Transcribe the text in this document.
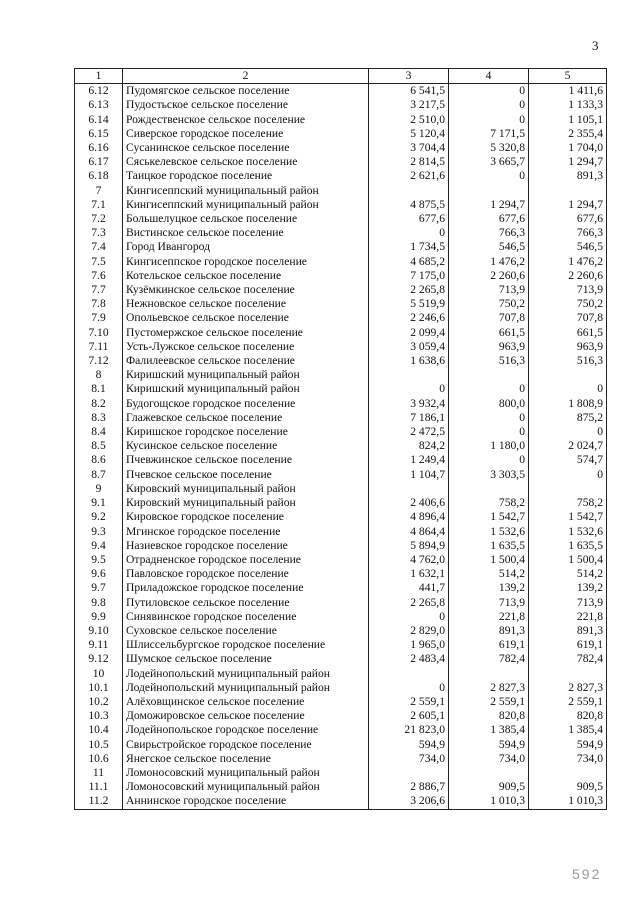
3
1	2	3	4	5
6.12	Пудомягское сельское поселение	6 541,5	0	1 411,6
6.13	Пудостьское сельское поселение	3 217,5	0	1 133,3
6.14	Рождественское сельское поселение	2 510,0	0	1 105,1
6.15	Сиверское городское поселение	5 120,4	7 171,5	2 355,4
6.16	Сусанинское сельское поселение	3 704,4	5 320,8	1 704,0
6.17	Сяськелевское сельское поселение	2 814,5	3 665,7	1 294,7
6.18	Таицкое городское поселение	2 621,6	0	891,3
7	Кингисеппский муниципальный район			
7.1	Кингисеппский муниципальный район	4 875,5	1 294,7	1 294,7
7.2	Большелуцкое сельское поселение	677,6	677,6	677,6
7.3	Вистинское сельское поселение	0	766,3	766,3
7.4	Город Ивангород	1 734,5	546,5	546,5
7.5	Кингисеппское городское поселение	4 685,2	1 476,2	1 476,2
7.6	Котельское сельское поселение	7 175,0	2 260,6	2 260,6
7.7	Кузёмкинское сельское поселение	2 265,8	713,9	713,9
7.8	Нежновское сельское поселение	5 519,9	750,2	750,2
7.9	Опольевское сельское поселение	2 246,6	707,8	707,8
7.10	Пустомержское сельское поселение	2 099,4	661,5	661,5
7.11	Усть-Лужское сельское поселение	3 059,4	963,9	963,9
7.12	Фалилеевское сельское поселение	1 638,6	516,3	516,3
8	Киришский муниципальный район			
8.1	Киришский муниципальный район	0	0	0
8.2	Будогощское городское поселение	3 932,4	800,0	1 808,9
8.3	Глажевское сельское поселение	7 186,1	0	875,2
8.4	Киришское городское поселение	2 472,5	0	0
8.5	Кусинское сельское поселение	824,2	1 180,0	2 024,7
8.6	Пчевжинское сельское поселение	1 249,4	0	574,7
8.7	Пчевское сельское поселение	1 104,7	3 303,5	0
9	Кировский муниципальный район			
9.1	Кировский муниципальный район	2 406,6	758,2	758,2
9.2	Кировское городское поселение	4 896,4	1 542,7	1 542,7
9.3	Мгинское городское поселение	4 864,4	1 532,6	1 532,6
9.4	Назиевское городское поселение	5 894,9	1 635,5	1 635,5
9.5	Отрадненское городское поселение	4 762,0	1 500,4	1 500,4
9.6	Павловское городское поселение	1 632,1	514,2	514,2
9.7	Приладожское городское поселение	441,7	139,2	139,2
9.8	Путиловское сельское поселение	2 265,8	713,9	713,9
9.9	Синявинское городское поселение	0	221,8	221,8
9.10	Суховское сельское поселение	2 829,0	891,3	891,3
9.11	Шлиссельбургское городское поселение	1 965,0	619,1	619,1
9.12	Шумское сельское поселение	2 483,4	782,4	782,4
10	Лодейнопольский муниципальный район			
10.1	Лодейнопольский муниципальный район	0	2 827,3	2 827,3
10.2	Алёховщинское сельское поселение	2 559,1	2 559,1	2 559,1
10.3	Доможировское сельское поселение	2 605,1	820,8	820,8
10.4	Лодейнопольское городское поселение	21 823,0	1 385,4	1 385,4
10.5	Свирьстройское городское поселение	594,9	594,9	594,9
10.6	Янегское сельское поселение	734,0	734,0	734,0
11	Ломоносовский муниципальный район			
11.1	Ломоносовский муниципальный район	2 886,7	909,5	909,5
11.2	Аннинское городское поселение	3 206,6	1 010,3	1 010,3
592
